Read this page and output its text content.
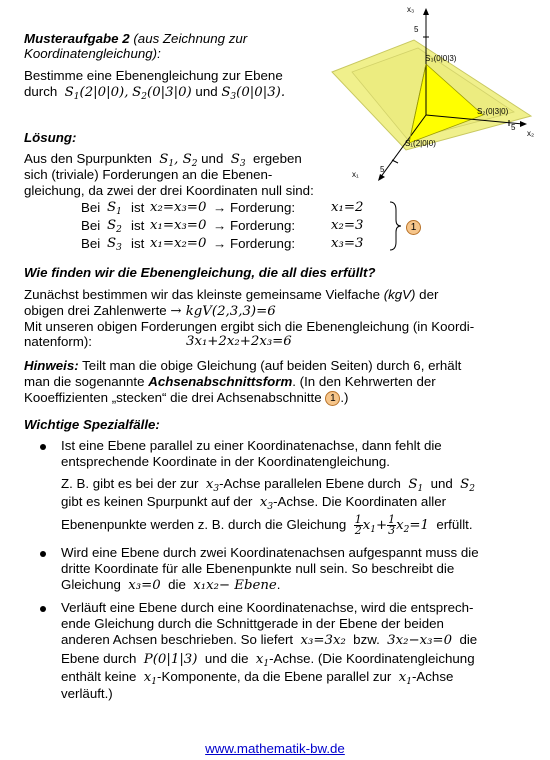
x₃
5
S₃(0|0|3)
S₂(0|3|0)
5
x₂
S₁(2|0|0)
5
x₁
Musteraufgabe 2 (aus Zeichnung zur
Koordinatengleichung):
Bestimme eine Ebenengleichung zur Ebene
durch $S_1(2|0|0)$, $S_2(0|3|0)$ und $S_3(0|0|3)$.
Lösung:
Aus den Spurpunkten $S_1$, $S_2$ und $S_3$ ergeben
sich (triviale) Forderungen an die Ebenen-
gleichung, da zwei der drei Koordinaten null sind:
Bei $S_1$ ist x₂=x₃=0 → Forderung:	x₁=2
Bei $S_2$ ist x₁=x₃=0 → Forderung:	x₂=3
Bei $S_3$ ist x₁=x₂=0 → Forderung:	x₃=3
1
Wie finden wir die Ebenengleichung, die all dies erfüllt?
Zunächst bestimmen wir das kleinste gemeinsame Vielfache (kgV) der
obigen drei Zahlenwerte → kgV(2,3,3)=6
Mit unseren obigen Forderungen ergibt sich die Ebenengleichung (in Koordi-
natenform):	3x₁+2x₂+2x₃=6
Hinweis: Teilt man die obige Gleichung (auf beiden Seiten) durch 6, erhält
man die sogenannte Achsenabschnittsform. (In den Kehrwerten der
Kooeffizienten „stecken“ die drei Achsenabschnitte 1 .)
Wichtige Spezialfälle:
Ist eine Ebene parallel zu einer Koordinatenachse, dann fehlt die
entsprechende Koordinate in der Koordinatengleichung.
Z. B. gibt es bei der zur $x_3$-Achse parallelen Ebene durch $S_1$ und $S_2$
gibt es keinen Spurpunkt auf der $x_3$-Achse. Die Koordinaten aller
Ebenenpunkte werden z. B. durch die Gleichung $\frac{1}{2} x_1+ \frac{1}{3} x_2=1$ erfüllt.
Wird eine Ebene durch zwei Koordinatenachsen aufgespannt muss die
dritte Koordinate für alle Ebenenpunkte null sein. So beschreibt die
Gleichung x₃=0 die x₁x₂− Ebene.
Verläuft eine Ebene durch eine Koordinatenachse, wird die entsprech-
ende Gleichung durch die Schnittgerade in der Ebene der beiden
anderen Achsen beschrieben. So liefert x₃=3x₂ bzw. 3x₂−x₃=0 die
Ebene durch P(0|1|3) und die $x_1$-Achse. (Die Koordinatengleichung
enthält keine $x_1$-Komponente, da die Ebene parallel zur $x_1$-Achse
verläuft.)
www.mathematik-bw.de
